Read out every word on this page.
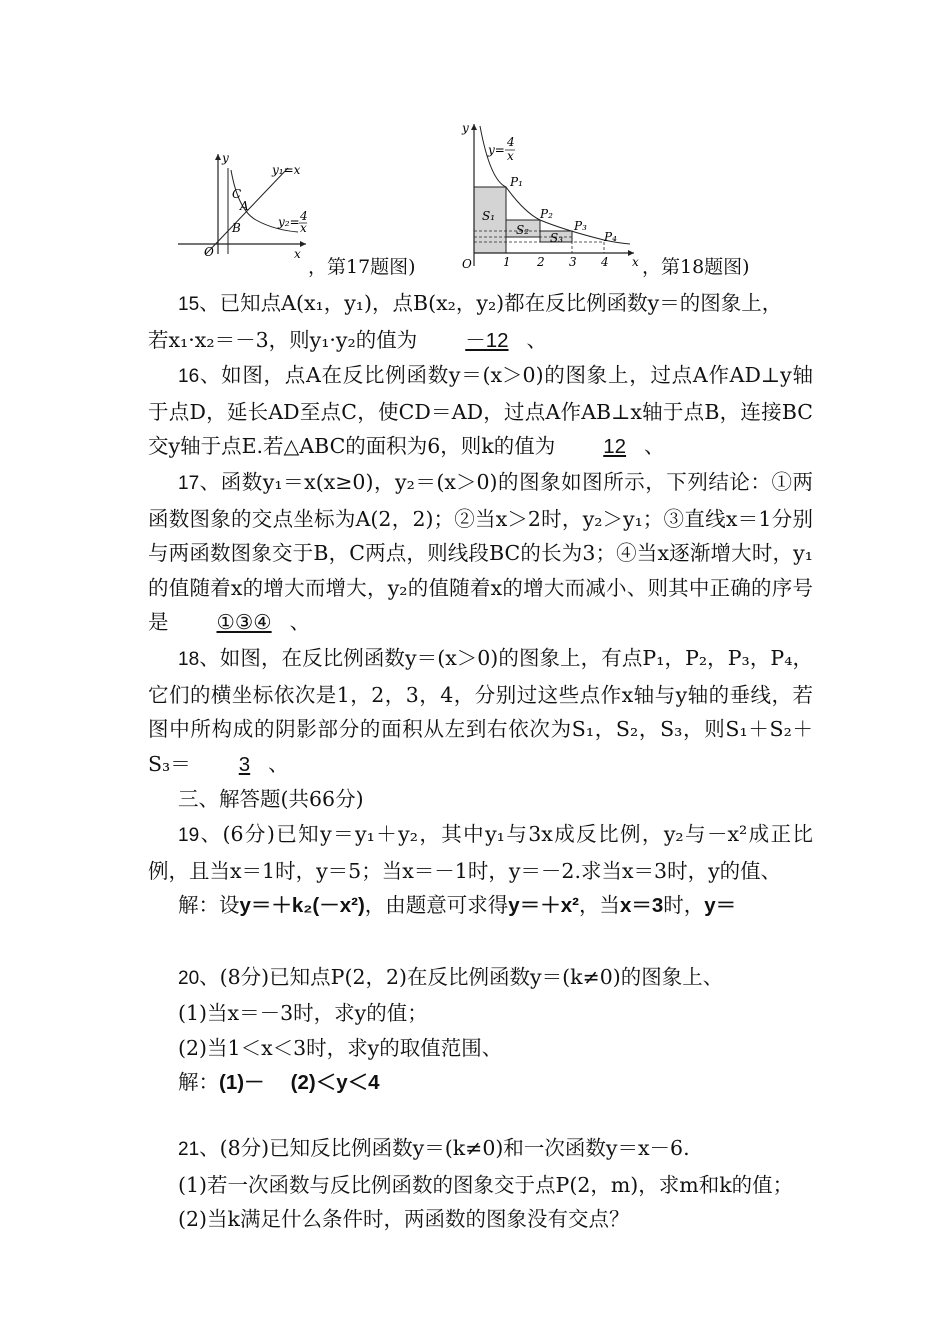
y
x
O
C
A
B
y₁=x
y₂= 4
x
，第17题图)
y
x
O
y=
4
x
P₁
P₂
P₃
P₄
S₁
S₂
S₃
1 2 3 4 ，第18题图)

15、已知点A(x₁，y₁)，点B(x₂，y₂)都在反比例函数y＝的图象上，
若x₁·x₂＝－3，则y₁·y₂的值为 －12 、

16、如图，点A在反比例函数y＝(x＞0)的图象上，过点A作AD⊥y轴于点D，延长AD至点C，使CD＝AD，过点A作AB⊥x轴于点B，连接BC交y轴于点E.若△ABC的面积为6，则k的值为 12 、

17、函数y₁＝x(x≥0)，y₂＝(x＞0)的图象如图所示，下列结论：①两函数图象的交点坐标为A(2，2)；②当x＞2时，y₂＞y₁；③直线x＝1分别与两函数图象交于B，C两点，则线段BC的长为3；④当x逐渐增大时，y₁的值随着x的增大而增大，y₂的值随着x的增大而减小、则其中正确的序号是 ①③④ 、

18、如图，在反比例函数y＝(x＞0)的图象上，有点P₁，P₂，P₃，P₄，它们的横坐标依次是1，2，3，4，分别过这些点作x轴与y轴的垂线，若图中所构成的阴影部分的面积从左到右依次为S₁，S₂，S₃，则S₁＋S₂＋S₃＝ 3 、

三、解答题(共66分)

19、(6分)已知y＝y₁＋y₂，其中y₁与3x成反比例，y₂与－x²成正比例，且当x＝1时，y＝5；当x＝－1时，y＝－2.求当x＝3时，y的值、

解：设y＝＋k₂(－x²)，由题意可求得y＝＋x²，当x＝3时，y＝

20、(8分)已知点P(2，2)在反比例函数y＝(k≠0)的图象上、

(1)当x＝－3时，求y的值；

(2)当1＜x＜3时，求y的取值范围、

解：(1)－ (2)＜y＜4

21、(8分)已知反比例函数y＝(k≠0)和一次函数y＝x－6.

(1)若一次函数与反比例函数的图象交于点P(2，m)，求m和k的值；

(2)当k满足什么条件时，两函数的图象没有交点？
